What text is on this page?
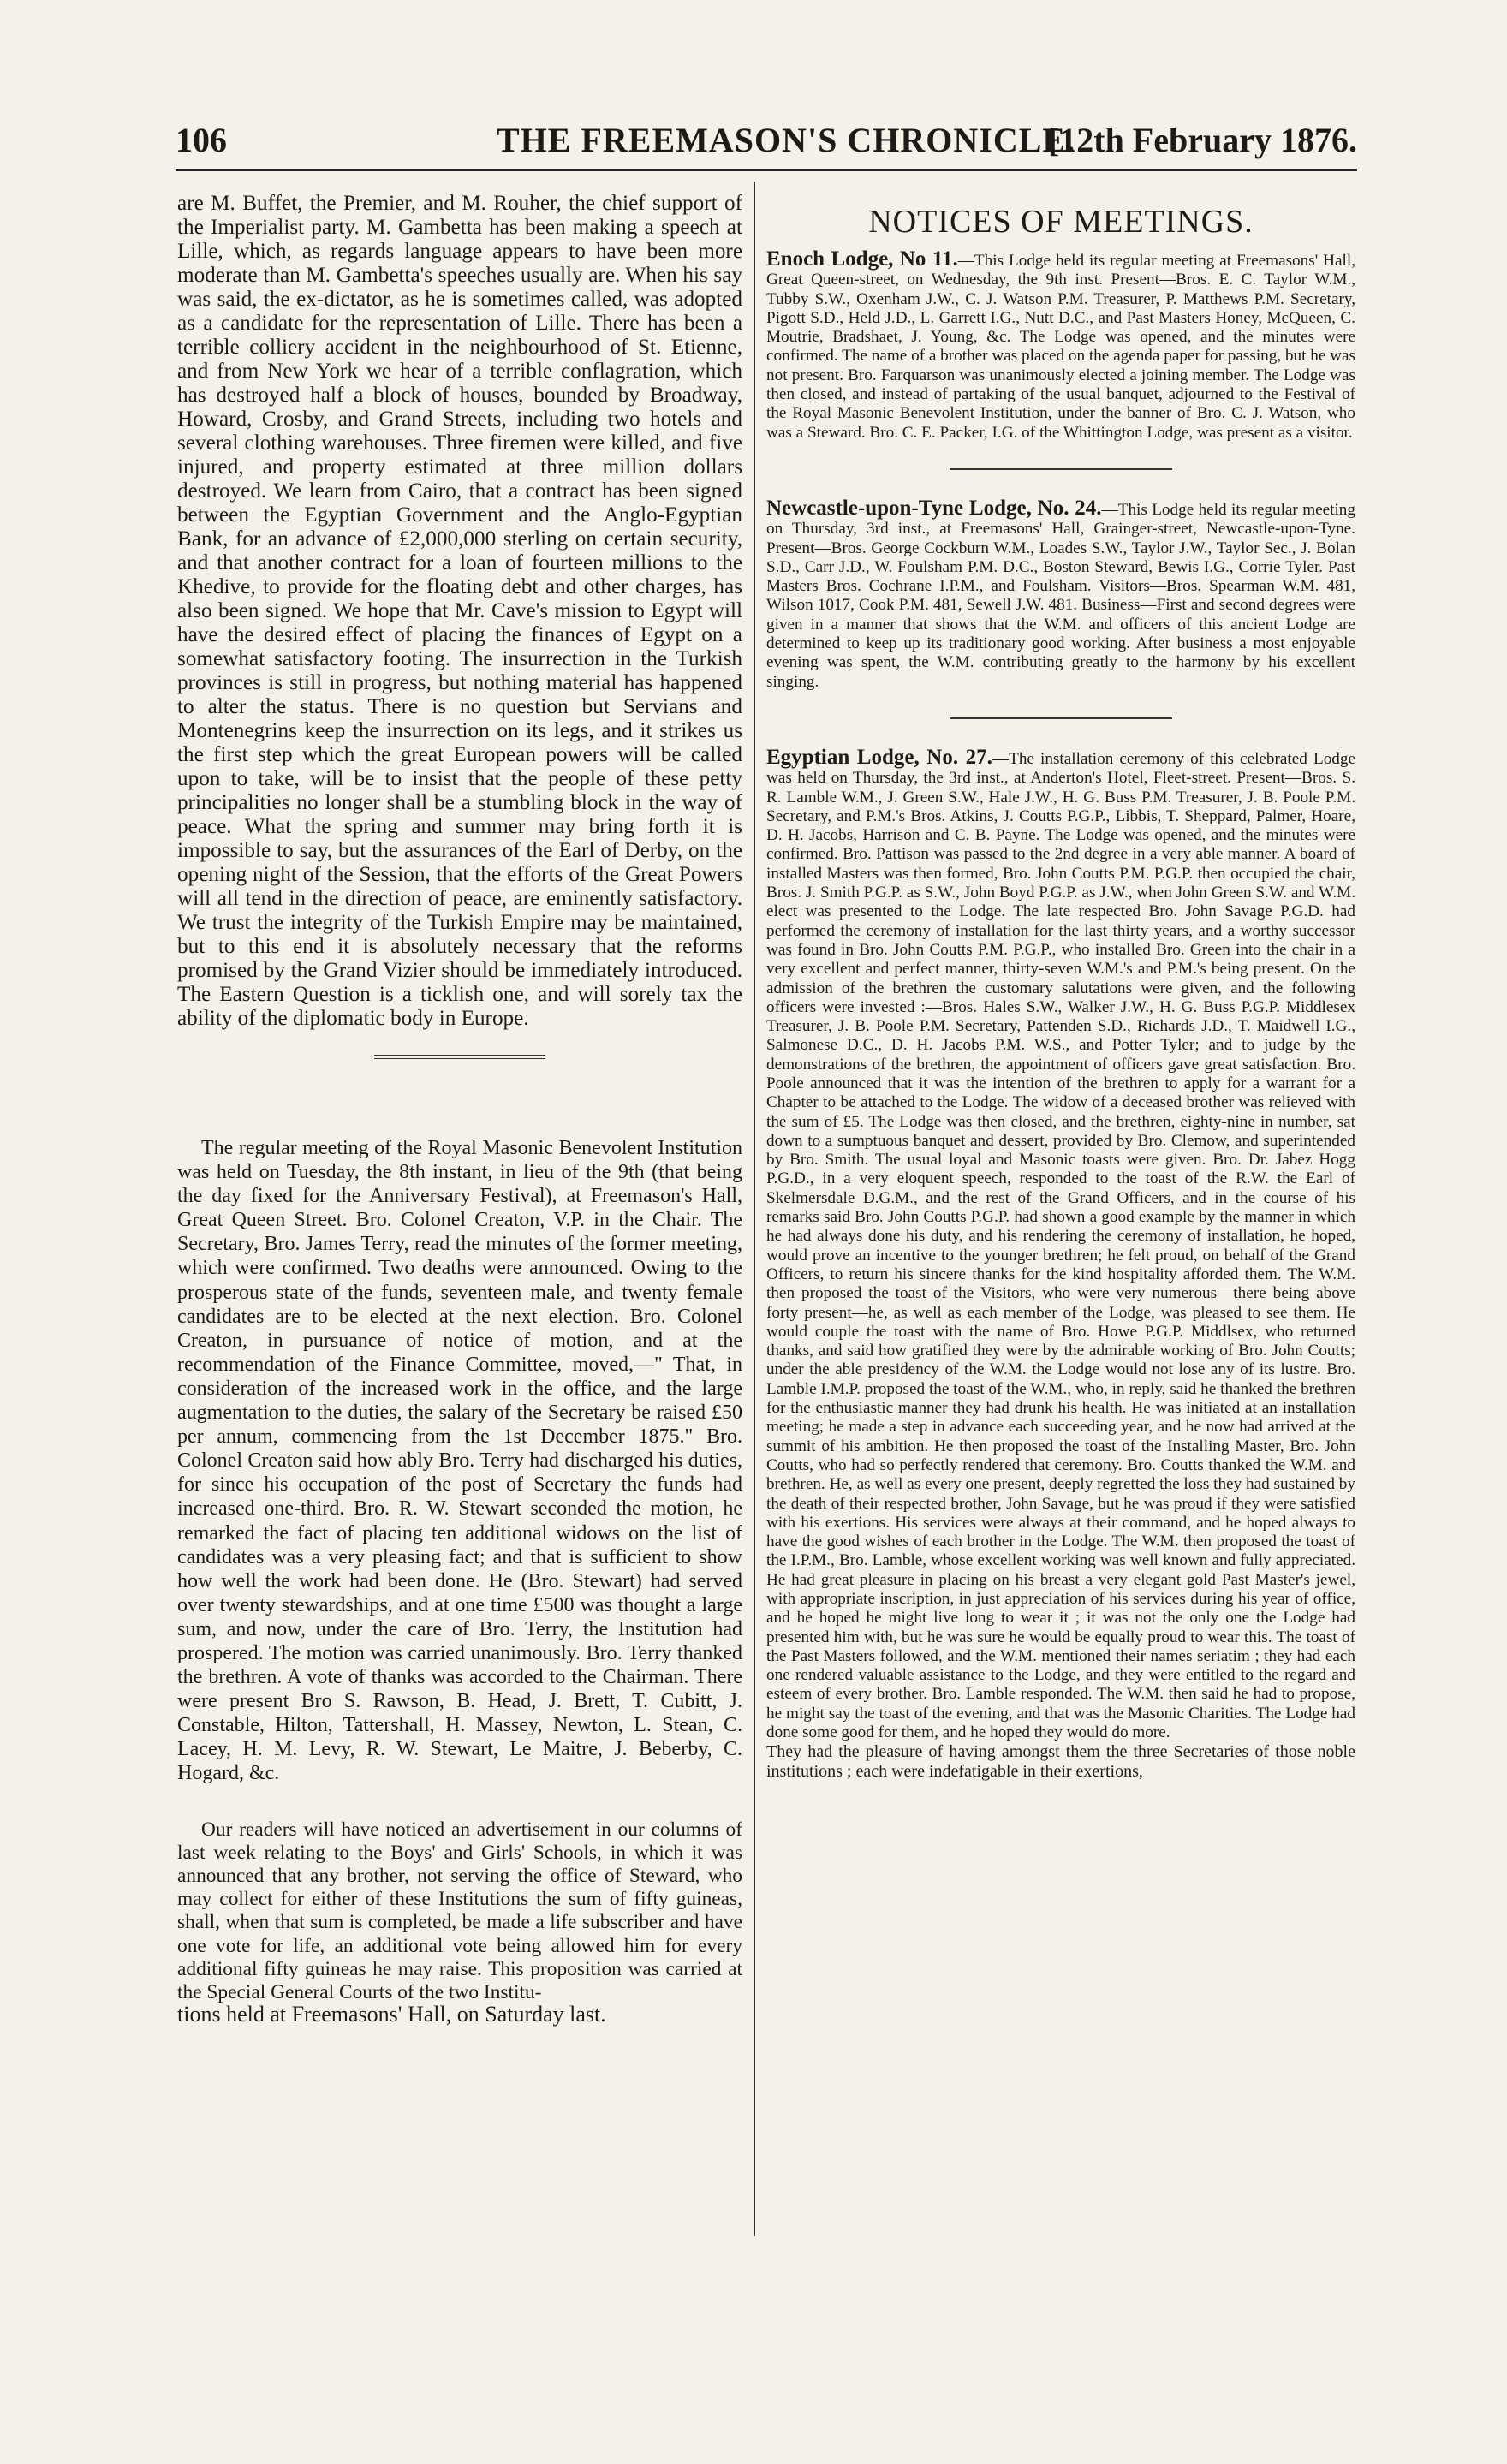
106	THE FREEMASON'S CHRONICLE.
[12th February 1876.

are M. Buffet, the Premier, and M. Rouher, the chief support of the Imperialist party. M. Gambetta has been making a speech at Lille, which, as regards language appears to have been more moderate than M. Gambetta's speeches usually are. When his say was said, the ex-dictator, as he is sometimes called, was adopted as a candidate for the representation of Lille. There has been a terrible colliery accident in the neighbourhood of St. Etienne, and from New York we hear of a terrible conflagration, which has destroyed half a block of houses, bounded by Broadway, Howard, Crosby, and Grand Streets, including two hotels and several clothing warehouses. Three firemen were killed, and five injured, and property estimated at three million dollars destroyed. We learn from Cairo, that a contract has been signed between the Egyptian Government and the Anglo-Egyptian Bank, for an advance of £2,000,000 sterling on certain security, and that another contract for a loan of fourteen millions to the Khedive, to provide for the floating debt and other charges, has also been signed. We hope that Mr. Cave's mission to Egypt will have the desired effect of placing the finances of Egypt on a somewhat satisfactory footing. The insurrection in the Turkish provinces is still in progress, but nothing material has happened to alter the status. There is no question but Servians and Montenegrins keep the insurrection on its legs, and it strikes us the first step which the great European powers will be called upon to take, will be to insist that the people of these petty principalities no longer shall be a stumbling block in the way of peace. What the spring and summer may bring forth it is impossible to say, but the assurances of the Earl of Derby, on the opening night of the Session, that the efforts of the Great Powers will all tend in the direction of peace, are eminently satisfactory. We trust the integrity of the Turkish Empire may be maintained, but to this end it is absolutely necessary that the reforms promised by the Grand Vizier should be immediately introduced. The Eastern Question is a ticklish one, and will sorely tax the ability of the diplomatic body in Europe.

The regular meeting of the Royal Masonic Benevolent Institution was held on Tuesday, the 8th instant, in lieu of the 9th (that being the day fixed for the Anniversary Festival), at Freemason's Hall, Great Queen Street. Bro. Colonel Creaton, V.P. in the Chair. The Secretary, Bro. James Terry, read the minutes of the former meeting, which were confirmed. Two deaths were announced. Owing to the prosperous state of the funds, seventeen male, and twenty female candidates are to be elected at the next election. Bro. Colonel Creaton, in pursuance of notice of motion, and at the recommendation of the Finance Committee, moved,—" That, in consideration of the increased work in the office, and the large augmentation to the duties, the salary of the Secretary be raised £50 per annum, commencing from the 1st December 1875." Bro. Colonel Creaton said how ably Bro. Terry had discharged his duties, for since his occupation of the post of Secretary the funds had increased one-third. Bro. R. W. Stewart seconded the motion, he remarked the fact of placing ten additional widows on the list of candidates was a very pleasing fact; and that is sufficient to show how well the work had been done. He (Bro. Stewart) had served over twenty stewardships, and at one time £500 was thought a large sum, and now, under the care of Bro. Terry, the Institution had prospered. The motion was carried unanimously. Bro. Terry thanked the brethren. A vote of thanks was accorded to the Chairman. There were present Bro S. Rawson, B. Head, J. Brett, T. Cubitt, J. Constable, Hilton, Tattershall, H. Massey, Newton, L. Stean, C. Lacey, H. M. Levy, R. W. Stewart, Le Maitre, J. Beberby, C. Hogard, &c.

Our readers will have noticed an advertisement in our columns of last week relating to the Boys' and Girls' Schools, in which it was announced that any brother, not serving the office of Steward, who may collect for either of these Institutions the sum of fifty guineas, shall, when that sum is completed, be made a life subscriber and have one vote for life, an additional vote being allowed him for every additional fifty guineas he may raise. This proposition was carried at the Special General Courts of the two Institu-

tions held at Freemasons' Hall, on Saturday last.

NOTICES OF MEETINGS.

Enoch Lodge, No 11.—This Lodge held its regular meeting at Freemasons' Hall, Great Queen-street, on Wednesday, the 9th inst. Present—Bros. E. C. Taylor W.M., Tubby S.W., Oxenham J.W., C. J. Watson P.M. Treasurer, P. Matthews P.M. Secretary, Pigott S.D., Held J.D., L. Garrett I.G., Nutt D.C., and Past Masters Honey, McQueen, C. Moutrie, Bradshaet, J. Young, &c. The Lodge was opened, and the minutes were confirmed. The name of a brother was placed on the agenda paper for passing, but he was not present. Bro. Farquarson was unanimously elected a joining member. The Lodge was then closed, and instead of partaking of the usual banquet, adjourned to the Festival of the Royal Masonic Benevolent Institution, under the banner of Bro. C. J. Watson, who was a Steward. Bro. C. E. Packer, I.G. of the Whittington Lodge, was present as a visitor.

Newcastle-upon-Tyne Lodge, No. 24.—This Lodge held its regular meeting on Thursday, 3rd inst., at Freemasons' Hall, Grainger-street, Newcastle-upon-Tyne. Present—Bros. George Cockburn W.M., Loades S.W., Taylor J.W., Taylor Sec., J. Bolan S.D., Carr J.D., W. Foulsham P.M. D.C., Boston Steward, Bewis I.G., Corrie Tyler. Past Masters Bros. Cochrane I.P.M., and Foulsham. Visitors—Bros. Spearman W.M. 481, Wilson 1017, Cook P.M. 481, Sewell J.W. 481. Business—First and second degrees were given in a manner that shows that the W.M. and officers of this ancient Lodge are determined to keep up its traditionary good working. After business a most enjoyable evening was spent, the W.M. contributing greatly to the harmony by his excellent singing.

Egyptian Lodge, No. 27.—The installation ceremony of this celebrated Lodge was held on Thursday, the 3rd inst., at Anderton's Hotel, Fleet-street. Present—Bros. S. R. Lamble W.M., J. Green S.W., Hale J.W., H. G. Buss P.M. Treasurer, J. B. Poole P.M. Secretary, and P.M.'s Bros. Atkins, J. Coutts P.G.P., Libbis, T. Sheppard, Palmer, Hoare, D. H. Jacobs, Harrison and C. B. Payne. The Lodge was opened, and the minutes were confirmed. Bro. Pattison was passed to the 2nd degree in a very able manner. A board of installed Masters was then formed, Bro. John Coutts P.M. P.G.P. then occupied the chair, Bros. J. Smith P.G.P. as S.W., John Boyd P.G.P. as J.W., when John Green S.W. and W.M. elect was presented to the Lodge. The late respected Bro. John Savage P.G.D. had performed the ceremony of installation for the last thirty years, and a worthy successor was found in Bro. John Coutts P.M. P.G.P., who installed Bro. Green into the chair in a very excellent and perfect manner, thirty-seven W.M.'s and P.M.'s being present. On the admission of the brethren the customary salutations were given, and the following officers were invested :—Bros. Hales S.W., Walker J.W., H. G. Buss P.G.P. Middlesex Treasurer, J. B. Poole P.M. Secretary, Pattenden S.D., Richards J.D., T. Maidwell I.G., Salmonese D.C., D. H. Jacobs P.M. W.S., and Potter Tyler; and to judge by the demonstrations of the brethren, the appointment of officers gave great satisfaction. Bro. Poole announced that it was the intention of the brethren to apply for a warrant for a Chapter to be attached to the Lodge. The widow of a deceased brother was relieved with the sum of £5. The Lodge was then closed, and the brethren, eighty-nine in number, sat down to a sumptuous banquet and dessert, provided by Bro. Clemow, and superintended by Bro. Smith. The usual loyal and Masonic toasts were given. Bro. Dr. Jabez Hogg P.G.D., in a very eloquent speech, responded to the toast of the R.W. the Earl of Skelmersdale D.G.M., and the rest of the Grand Officers, and in the course of his remarks said Bro. John Coutts P.G.P. had shown a good example by the manner in which he had always done his duty, and his rendering the ceremony of installation, he hoped, would prove an incentive to the younger brethren; he felt proud, on behalf of the Grand Officers, to return his sincere thanks for the kind hospitality afforded them. The W.M. then proposed the toast of the Visitors, who were very numerous—there being above forty present—he, as well as each member of the Lodge, was pleased to see them. He would couple the toast with the name of Bro. Howe P.G.P. Middlsex, who returned thanks, and said how gratified they were by the admirable working of Bro. John Coutts; under the able presidency of the W.M. the Lodge would not lose any of its lustre. Bro. Lamble I.M.P. proposed the toast of the W.M., who, in reply, said he thanked the brethren for the enthusiastic manner they had drunk his health. He was initiated at an installation meeting; he made a step in advance each succeeding year, and he now had arrived at the summit of his ambition. He then proposed the toast of the Installing Master, Bro. John Coutts, who had so perfectly rendered that ceremony. Bro. Coutts thanked the W.M. and brethren. He, as well as every one present, deeply regretted the loss they had sustained by the death of their respected brother, John Savage, but he was proud if they were satisfied with his exertions. His services were always at their command, and he hoped always to have the good wishes of each brother in the Lodge. The W.M. then proposed the toast of the I.P.M., Bro. Lamble, whose excellent working was well known and fully appreciated. He had great pleasure in placing on his breast a very elegant gold Past Master's jewel, with appropriate inscription, in just appreciation of his services during his year of office, and he hoped he might live long to wear it ; it was not the only one the Lodge had presented him with, but he was sure he would be equally proud to wear this. The toast of the Past Masters followed, and the W.M. mentioned their names seriatim ; they had each one rendered valuable assistance to the Lodge, and they were entitled to the regard and esteem of every brother. Bro. Lamble responded. The W.M. then said he had to propose, he might say the toast of the evening, and that was the Masonic Charities. The Lodge had done some good for them, and he hoped they would do more.

They had the pleasure of having amongst them the three Secretaries of those noble institutions ; each were indefatigable in their exertions,
